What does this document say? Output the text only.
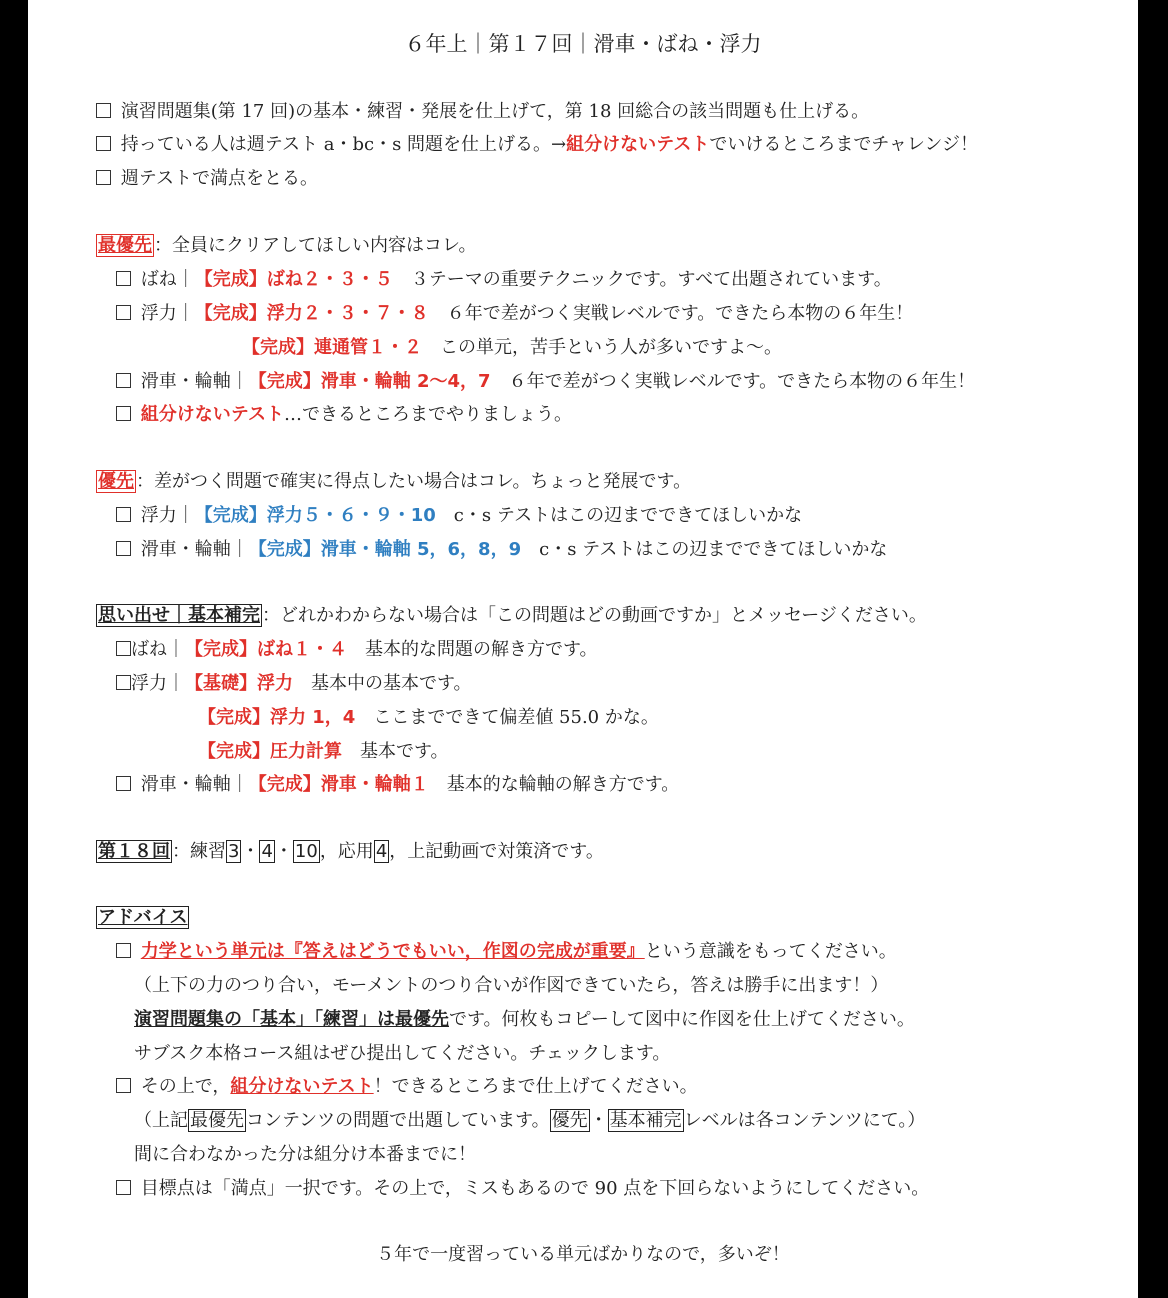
６年上｜第１７回｜滑車・ばね・浮力
演習問題集(第 17 回)の基本・練習・発展を仕上げて，第 18 回総合の該当問題も仕上げる。
持っている人は週テスト a・bc・s 問題を仕上げる。→組分けないテストでいけるところまでチャレンジ！
週テストで満点をとる。
最優先 ：全員にクリアしてほしい内容はコレ。
ばね｜【完成】ばね２・３・５　 ３テーマの重要テクニックです。すべて出題されています。
浮力｜【完成】浮力２・３・７・８　 ６年で差がつく実戦レベルです。できたら本物の６年生！
【完成】連通管１・２　 この単元，苦手という人が多いですよ〜。
滑車・輪軸｜【完成】滑車・輪軸 2〜4，7　 ６年で差がつく実戦レベルです。できたら本物の６年生！
組分けないテスト…できるところまでやりましょう。
優先 ：差がつく問題で確実に得点したい場合はコレ。ちょっと発展です。
浮力｜【完成】浮力５・６・９・10　 c・s テストはこの辺までできてほしいかな
滑車・輪軸｜【完成】滑車・輪軸 5，6，8，9　 c・s テストはこの辺までできてほしいかな
思い出せ｜基本補完 ：どれかわからない場合は「この問題はどの動画ですか」とメッセージください。
ばね｜【完成】ばね１・４　 基本的な問題の解き方です。
浮力｜【基礎】浮力　 基本中の基本です。
【完成】浮力 1，4　 ここまでできて偏差値 55.0 かな。
【完成】圧力計算　 基本です。
滑車・輪軸｜【完成】滑車・輪軸１　 基本的な輪軸の解き方です。
第１８回 ：練習 3 ・ 4 ・ 10 ，応用 4 ，上記動画で対策済です。
アドバイス
力学という単元は『答えはどうでもいい，作図の完成が重要』という意識をもってください。
（上下の力のつり合い，モーメントのつり合いが作図できていたら，答えは勝手に出ます！）
演習問題集の「基本」「練習」は最優先です。何枚もコピーして図中に作図を仕上げてください。
サブスク本格コース組はぜひ提出してください。チェックします。
その上で，組分けないテスト！できるところまで仕上げてください。
（上記 最優先 コンテンツの問題で出題しています。 優先 ・ 基本補完 レベルは各コンテンツにて。）
間に合わなかった分は組分け本番までに！
目標点は「満点」一択です。その上で，ミスもあるので 90 点を下回らないようにしてください。
５年で一度習っている単元ばかりなので，多いぞ！
